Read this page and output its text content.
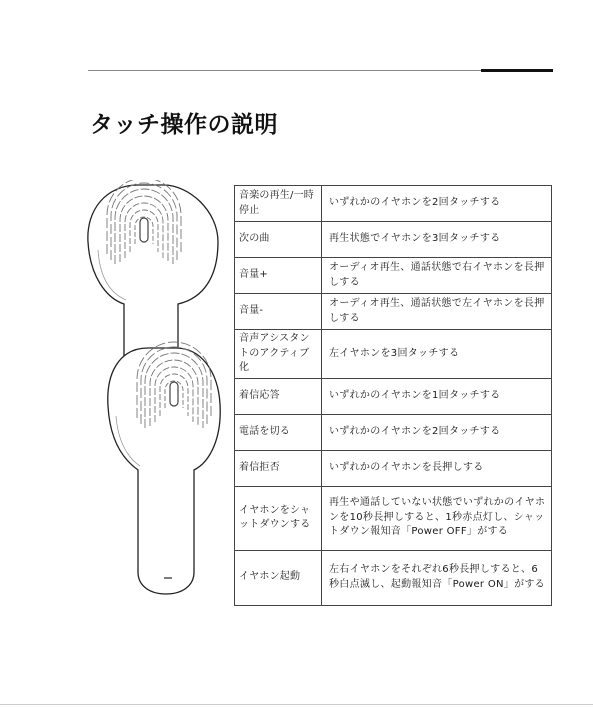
タッチ操作の説明
音楽の再生/一時停止	いずれかのイヤホンを2回タッチする
次の曲	再生状態でイヤホンを3回タッチする
音量+	オーディオ再生、通話状態で右イヤホンを長押しする
音量-	オーディオ再生、通話状態で左イヤホンを長押しする
音声アシスタントのアクティブ化	左イヤホンを3回タッチする
着信応答	いずれかのイヤホンを1回タッチする
電話を切る	いずれかのイヤホンを2回タッチする
着信拒否	いずれかのイヤホンを長押しする
イヤホンをシャットダウンする	再生や通話していない状態でいずれかのイヤホンを10秒長押しすると、1秒赤点灯し、シャットダウン報知音「Power OFF」がする
イヤホン起動	左右イヤホンをそれぞれ6秒長押しすると、6秒白点滅し、起動報知音「Power ON」がする
